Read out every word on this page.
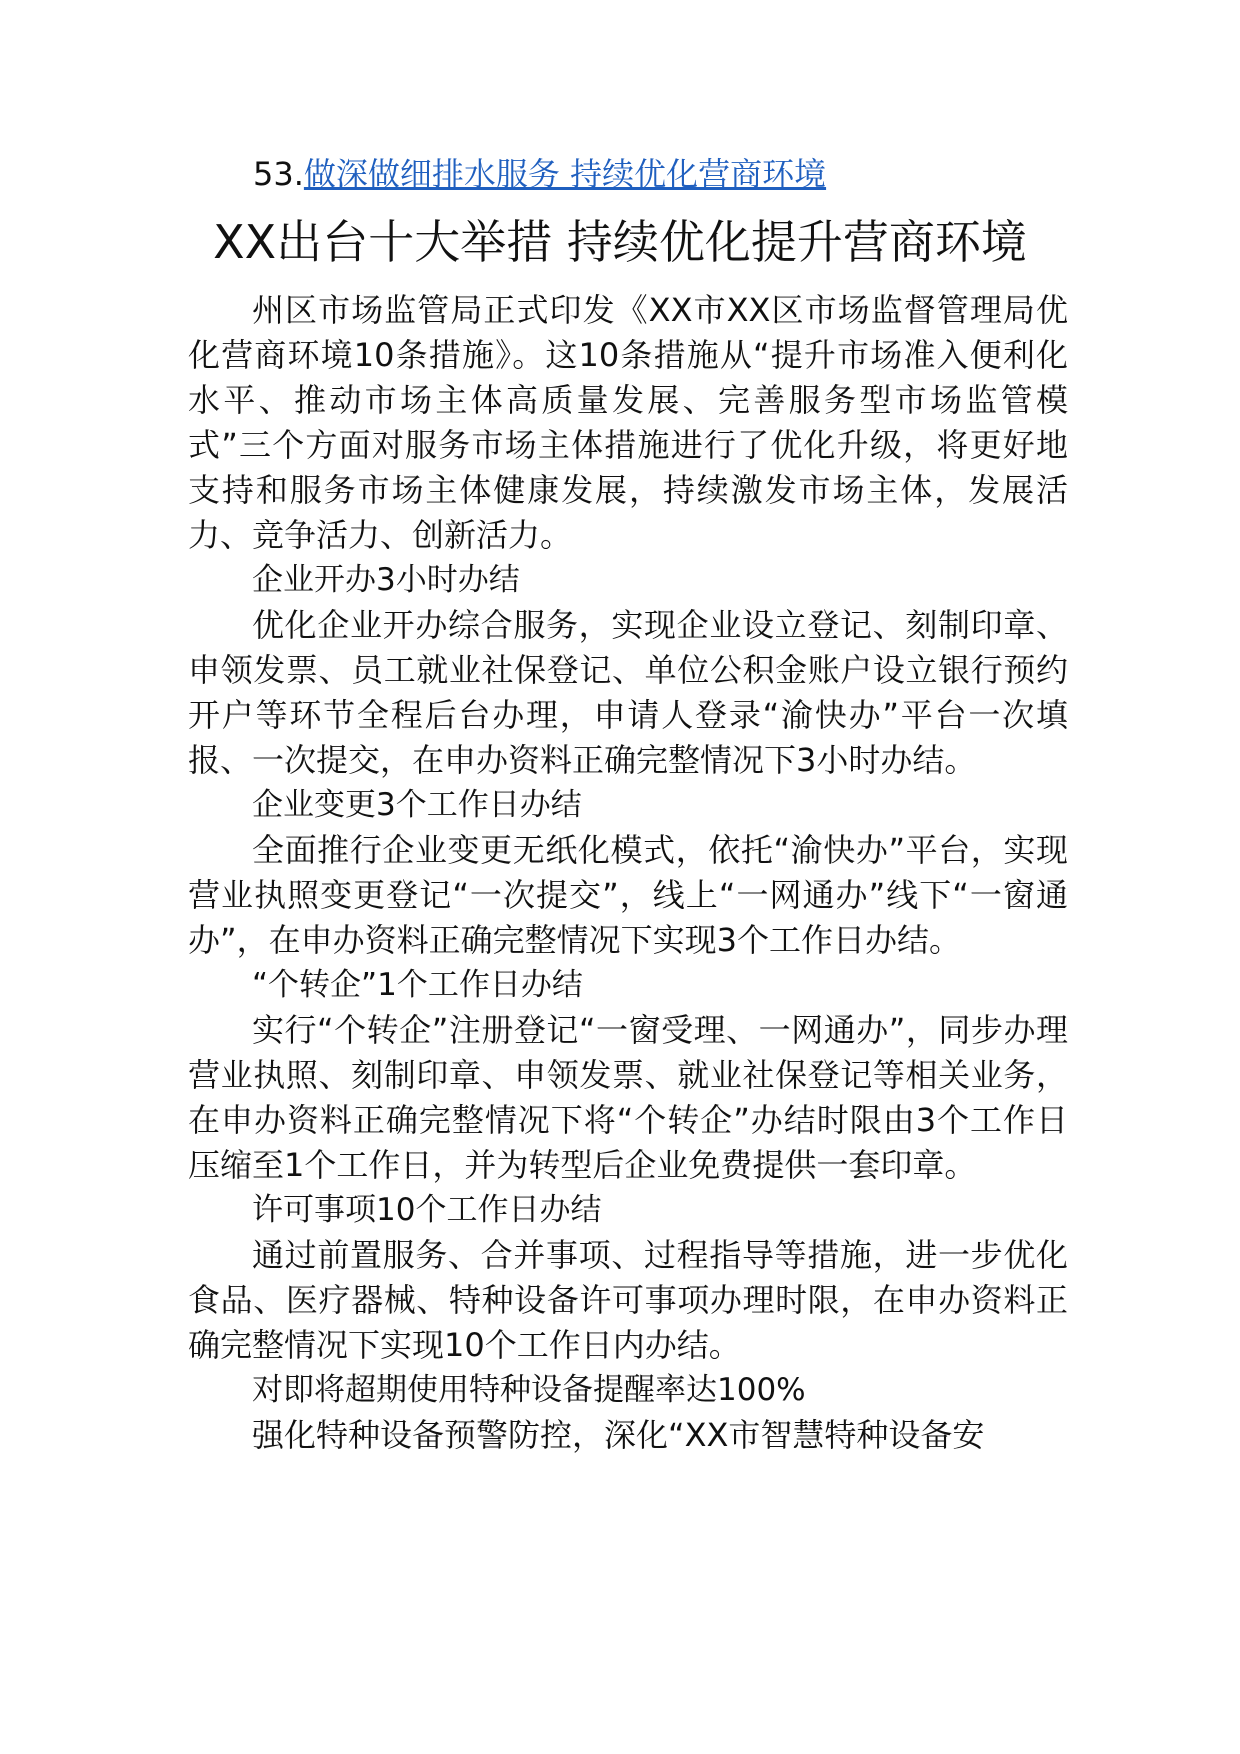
53.做深做细排水服务 持续优化营商环境
XX出台十大举措 持续优化提升营商环境

州区市场监管局正式印发《XX市XX区市场监督管理局优化营商环境10条措施》。这10条措施从“提升市场准入便利化水平、推动市场主体高质量发展、完善服务型市场监管模式”三个方面对服务市场主体措施进行了优化升级，将更好地支持和服务市场主体健康发展，持续激发市场主体，发展活力、竞争活力、创新活力。

企业开办3小时办结

优化企业开办综合服务，实现企业设立登记、刻制印章、申领发票、员工就业社保登记、单位公积金账户设立银行预约开户等环节全程后台办理，申请人登录“渝快办”平台一次填报、一次提交，在申办资料正确完整情况下3小时办结。

企业变更3个工作日办结

全面推行企业变更无纸化模式，依托“渝快办”平台，实现营业执照变更登记“一次提交”，线上“一网通办”线下“一窗通办”，在申办资料正确完整情况下实现3个工作日办结。

“个转企”1个工作日办结

实行“个转企”注册登记“一窗受理、一网通办”，同步办理营业执照、刻制印章、申领发票、就业社保登记等相关业务，在申办资料正确完整情况下将“个转企”办结时限由3个工作日压缩至1个工作日，并为转型后企业免费提供一套印章。

许可事项10个工作日办结

通过前置服务、合并事项、过程指导等措施，进一步优化食品、医疗器械、特种设备许可事项办理时限，在申办资料正确完整情况下实现10个工作日内办结。

对即将超期使用特种设备提醒率达100%

强化特种设备预警防控，深化“XX市智慧特种设备安
